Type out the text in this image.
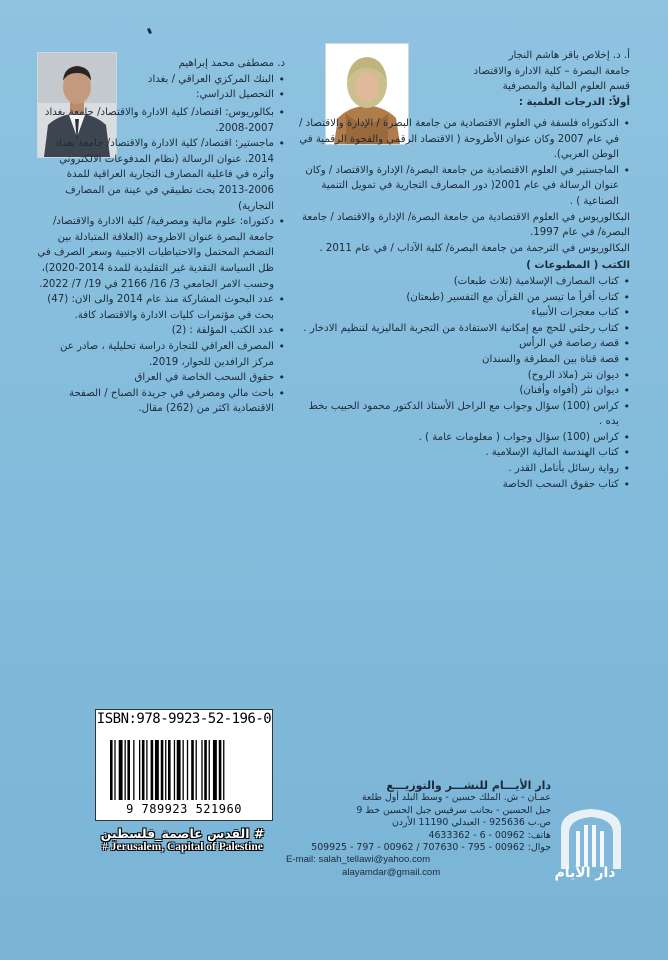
د. مصطفى محمد إبراهيم

• البنك المركزي العراقي / بغداد

• التحصيل الدراسي:

• بكالوريوس: اقتصاد/ كلية الادارة والاقتصاد/ جامعة بغداد 2007-2008.

• ماجستير: اقتصاد/ كلية الادارة والاقتصاد/ جامعة بغداد 2014. عنوان الرسالة (نظام المدفوعات الالكتروني وأثره في فاعلية المصارف التجارية العراقية للمدة 2006-2013 بحث تطبيقي في عينة من المصارف التجارية)

• دكتوراه: علوم مالية ومصرفية/ كلية الادارة والاقتصاد/ جامعة البصرة عنوان الاطروحة (العلاقة المتبادلة بين التضخم المحتمل والاحتياطيات الاجنبية وسعر الصرف في ظل السياسة النقدية غير التقليدية للمدة 2014-2020)، وحسب الامر الجامعي 3/ 16/ 2166 في 19/ 7/ 2022.

• عدد البحوث المشاركة منذ عام 2014 والى الان: (47) بحث في مؤتمرات كليات الادارة والاقتصاد كافة.

• عدد الكتب المؤلفة : (2)

• المصرف العراقي للتجارة دراسة تحليلية ، صادر عن مركز الرافدين للحوار، 2019.

• حقوق السحب الخاصة في العراق

• باحث مالي ومصرفي في جريدة الصباح / الصفحة الاقتصادية اكثر من (262) مقال.

أ. د. إخلاص باقر هاشم النجار

جامعة البصرة – كلية الادارة والاقتصاد

قسم العلوم المالية والمصرفية

أولاً: الدرجات العلمية :

• الدكتوراه فلسفة في العلوم الاقتصادية من جامعة البصرة / الإدارة والاقتصاد / في عام 2007 وكان عنوان الأطروحة ( الاقتصاد الرقمي والفجوة الرقمية في الوطن العربي).

• الماجستير في العلوم الاقتصادية من جامعة البصرة/ الإدارة والاقتصاد / وكان عنوان الرسالة في عام 2001( دور المصارف التجارية في تمويل التنمية الصناعية ) .

البكالوريوس في العلوم الاقتصادية من جامعة البصرة/ الإدارة والاقتصاد / جامعة البصرة/ في عام 1997.

البكالوريوس في الترجمة من جامعة البصرة/ كلية الآداب / في عام 2011 .

الكتب ( المطبوعات )

• كتاب المصارف الإسلامية (ثلاث طبعات)
• كتاب أقرأ ما تيسر من القرآن مع التفسير (طبعتان)
• كتاب معجزات الأنبياء
• كتاب رحلتي للحج مع إمكانية الاستفادة من التجربة الماليزية لتنظيم الادخار .
• قصة رصاصة في الرأس
• قصة قناة بين المطرقة والسندان
• ديوان نثر (ملاذ الروح)
• ديوان نثر (أفواه وأفنان)
• كراس (100) سؤال وجواب مع الراحل الأستاذ الدكتور محمود الحبيب بخط يده .
• كراس (100) سؤال وجواب ( معلومات عامة ) .
• كتاب الهندسة المالية الإسلامية .
• رواية رسائل بأنامل القدر .
• كتاب حقوق السحب الخاصة
ISBN:978-9923-52-196-0
9 789923 521960
# القدس عاصمة_فلسطين
# Jerusalem, Capital of Palestine
دار الأيـــام للنشـــر والتوزيـــع
عمـان - ش. الملك حسين - وسط البلد أول طلعة
جبل الحسين - بجانب سرفيس جبل الحسين خط 9
ص.ب 925636 - العبدلي 11190 الأردن
هاتف: 00962 - 6 - 4633362
جوال: 00962 - 795 - 707630 / 00962 - 797 - 509925
E-mail: salah_tellawi@yahoo.com
alayamdar@gmail.com	دار الأيام
